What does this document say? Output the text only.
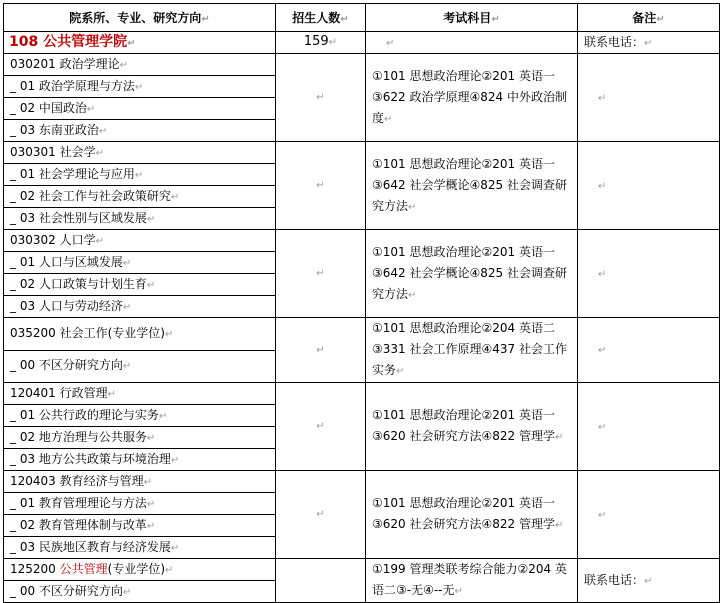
院系所、专业、研究方向↵	招生人数↵	考试科目↵	备注↵
108 公共管理学院↵	159↵	↵	联系电话：↵
030201 政治学理论↵	↵	①101 思想政治理论②201 英语一③622 政治学原理④824 中外政治制度↵	↵
_ 01 政治学原理与方法↵			
_ 02 中国政治↵			
_ 03 东南亚政治↵			
030301 社会学↵	↵	①101 思想政治理论②201 英语一③642 社会学概论④825 社会调查研究方法↵	↵
_ 01 社会学理论与应用↵			
_ 02 社会工作与社会政策研究↵			
_ 03 社会性别与区域发展↵			
030302 人口学↵	↵	①101 思想政治理论②201 英语一③642 社会学概论④825 社会调查研究方法↵	↵
_ 01 人口与区域发展↵			
_ 02 人口政策与计划生育↵			
_ 03 人口与劳动经济↵			
035200 社会工作(专业学位)↵	↵	①101 思想政治理论②204 英语二③331 社会工作原理④437 社会工作实务↵	↵
_ 00 不区分研究方向↵			
120401 行政管理↵	↵	①101 思想政治理论②201 英语一③620 社会研究方法④822 管理学↵	↵
_ 01 公共行政的理论与实务↵			
_ 02 地方治理与公共服务↵			
_ 03 地方公共政策与环境治理↵			
120403 教育经济与管理↵	↵	①101 思想政治理论②201 英语一③620 社会研究方法④822 管理学↵	↵
_ 01 教育管理理论与方法↵			
_ 02 教育管理体制与改革↵			
_ 03 民族地区教育与经济发展↵			
125200 公共管理(专业学位)↵		①199 管理类联考综合能力②204 英语二③-无④--无↵	联系电话：↵
_ 00 不区分研究方向↵			
